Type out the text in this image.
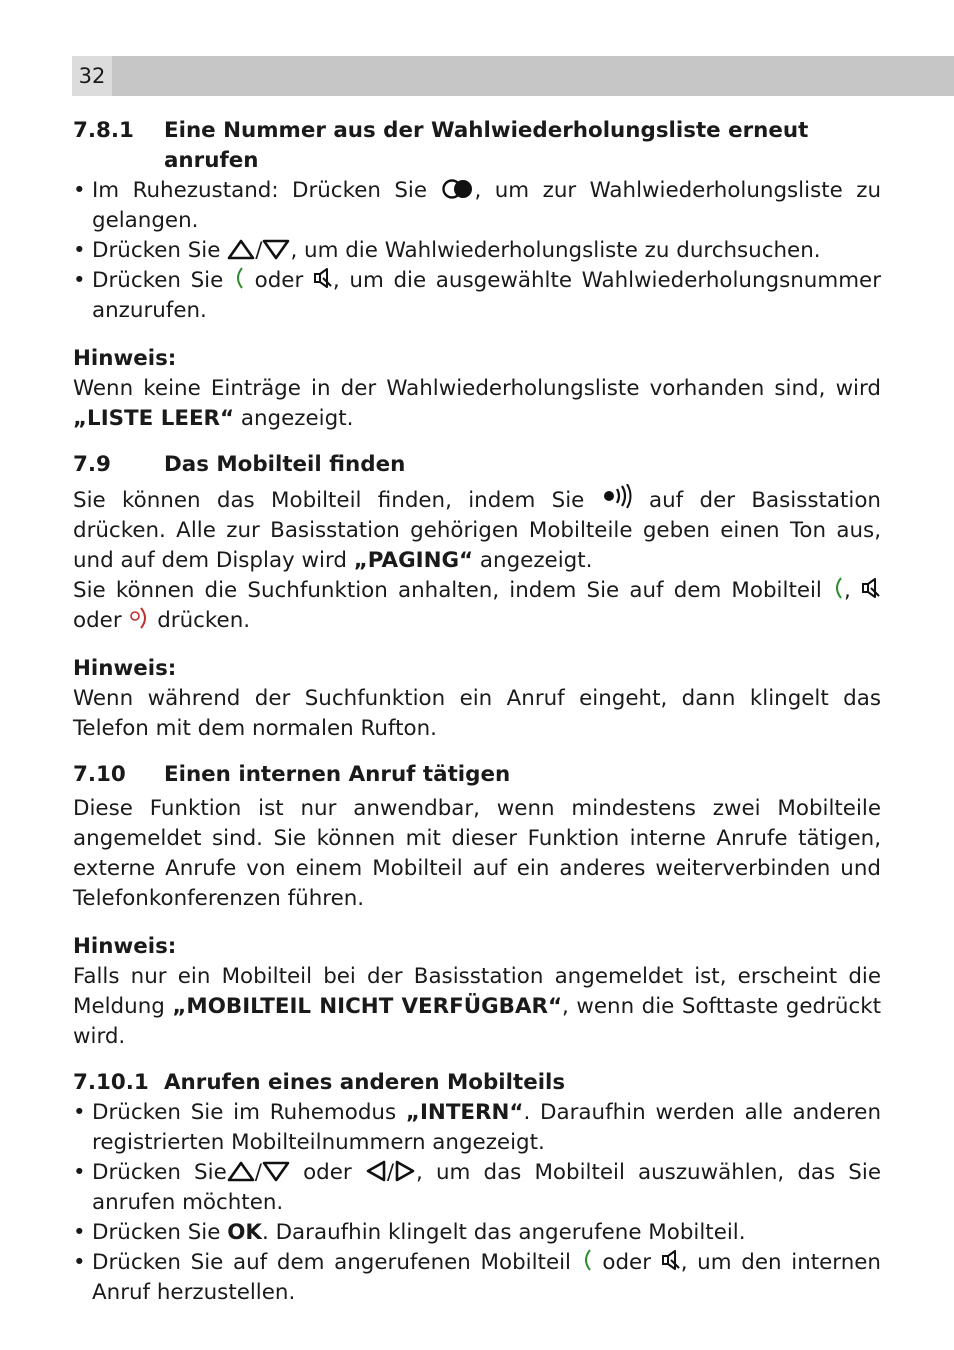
32
7.8.1	Eine Nummer aus der Wahlwiederholungsliste erneut anrufen
• Im Ruhezustand: Drücken Sie
, um zur Wahlwiederholungsliste zu gelangen.
• Drücken Sie
/ , um die Wahlwiederholungsliste zu durchsuchen.
• Drücken Sie
oder
, um die ausgewählte Wahlwiederholungsnummer anzurufen.
Hinweis:

Wenn keine Einträge in der Wahlwiederholungsliste vorhanden sind, wird „LISTE LEER“ angezeigt.

7.9	Das Mobilteil finden

Sie können das Mobilteil finden, indem Sie
auf der Basisstation drücken. Alle zur Basisstation gehörigen Mobilteile geben einen Ton aus, und auf dem Display wird „PAGING“ angezeigt.

Sie können die Suchfunktion anhalten, indem Sie auf dem Mobilteil
,
oder
drücken.

Hinweis:

Wenn während der Suchfunktion ein Anruf eingeht, dann klingelt das Telefon mit dem normalen Rufton.

7.10	Einen internen Anruf tätigen

Diese Funktion ist nur anwendbar, wenn mindestens zwei Mobilteile angemeldet sind. Sie können mit dieser Funktion interne Anrufe tätigen, externe Anrufe von einem Mobilteil auf ein anderes weiterverbinden und Telefonkonferenzen führen.

Hinweis:

Falls nur ein Mobilteil bei der Basisstation angemeldet ist, erscheint die Meldung „MOBILTEIL NICHT VERFÜGBAR“, wenn die Softtaste gedrückt wird.

7.10.1 Anrufen eines anderen Mobilteils
• Drücken Sie im Ruhemodus „INTERN“. Daraufhin werden alle anderen registrierten Mobilteilnummern angezeigt.
• Drücken Sie /
oder
/ , um das Mobilteil auszuwählen, das Sie anrufen möchten.
• Drücken Sie OK. Daraufhin klingelt das angerufene Mobilteil.
• Drücken Sie auf dem angerufenen Mobilteil
oder
, um den internen Anruf herzustellen.
